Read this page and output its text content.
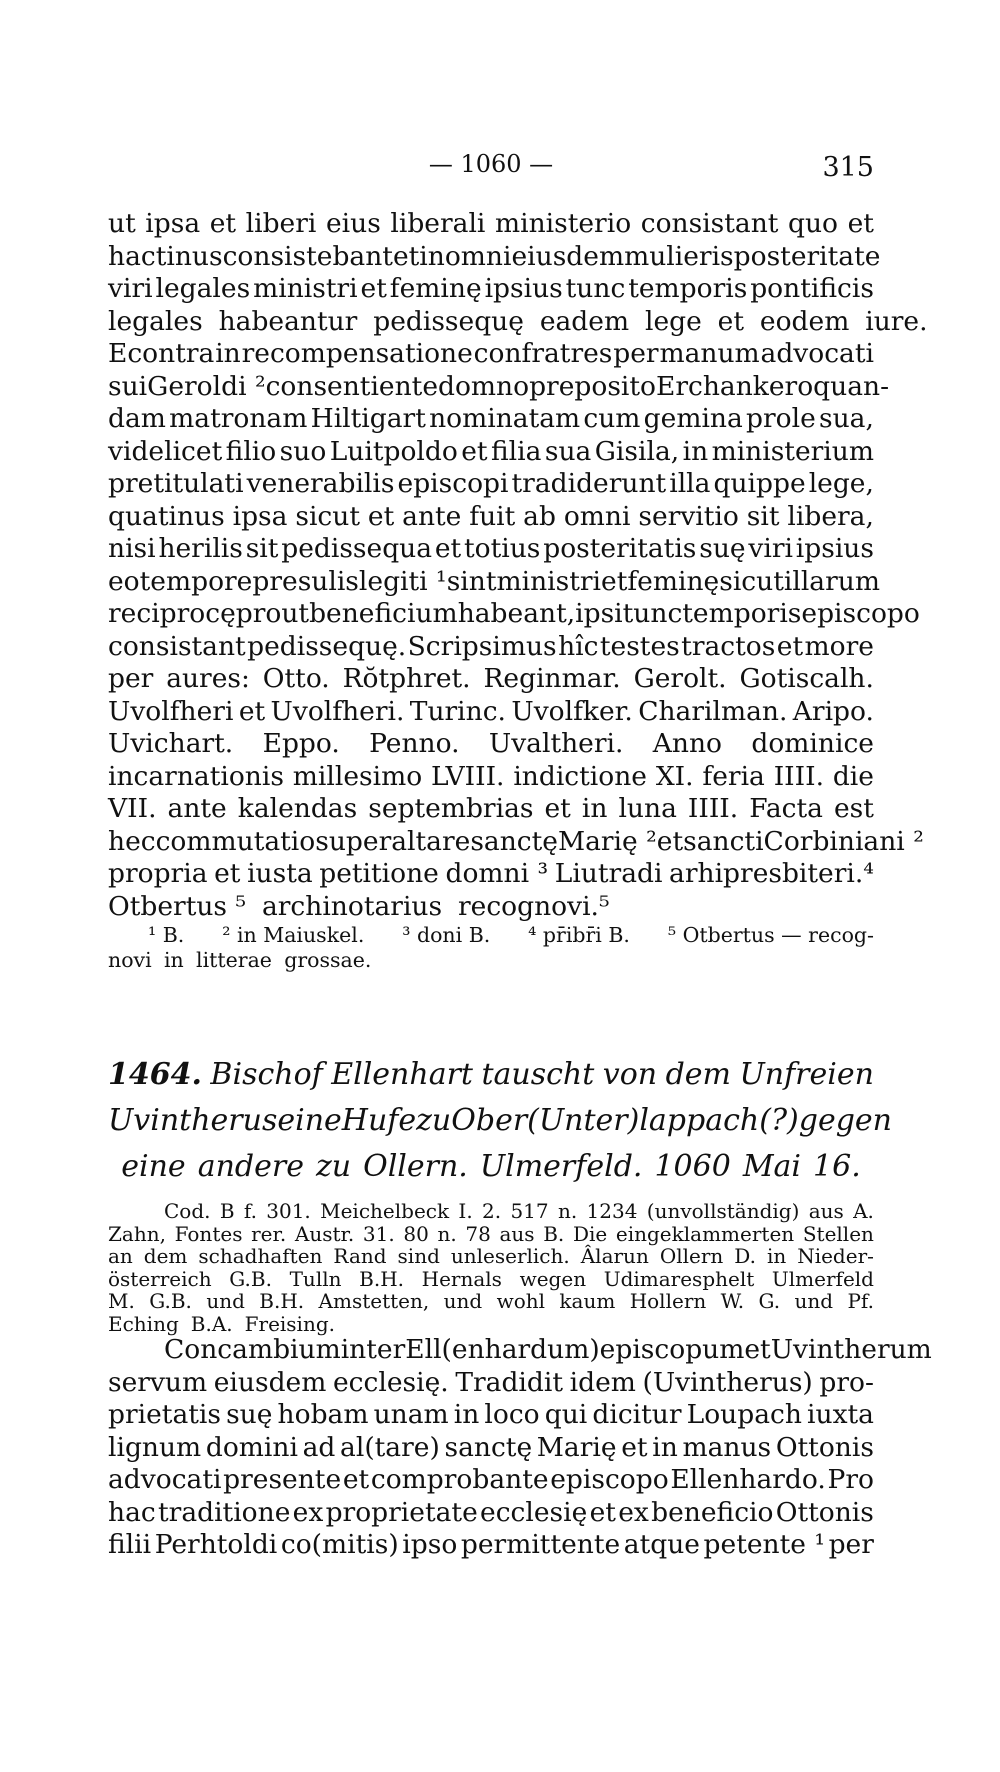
— 1060 —	315
ut ipsa et liberi eius liberali ministerio consistant quo et
hactinus consistebant et in omni eiusdem mulieris posteritate
viri legales ministri et feminę ipsius tunc temporis pontificis
legales habeantur pedissequę eadem lege et eodem iure.
Econtra in recompensatione confratres per manum advocati
sui Geroldi ² consentiente domno preposito Erchankero quan-
dam matronam Hiltigart nominatam cum gemina prole sua,
videlicet filio suo Luitpoldo et filia sua Gisila, in ministerium
pretitulati venerabilis episcopi tradiderunt illa quippe lege,
quatinus ipsa sicut et ante fuit ab omni servitio sit libera,
nisi herilis sit pedissequa et totius posteritatis suę viri ipsius
eo tempore presulis legiti ¹ sint ministri et feminę sicut illarum
reciprocę prout beneficium habeant, ipsi tunc temporis episcopo
consistant pedissequę. Scripsimus hîc testes tractos et more
per aures: Otto. Rŏtphret. Reginmar. Gerolt. Gotiscalh.
Uvolfheri et Uvolfheri. Turinc. Uvolfker. Charilman. Aripo.
Uvichart. Eppo. Penno. Uvaltheri. Anno dominice
incarnationis millesimo LVIII. indictione XI. feria IIII. die
VII. ante kalendas septembrias et in luna IIII. Facta est
hec commutatio super altare sanctę Marię ² et sancti Corbiniani ²
propria et iusta petitione domni ³ Liutradi arhipresbiteri.⁴
Otbertus ⁵ archinotarius recognovi.⁵
¹ B. ² in Maiuskel. ³ doni B. ⁴ pr̄ibr̄i B. ⁵ Otbertus — recog-
novi in litterae grossae.
1464. Bischof Ellenhart tauscht von dem Unfreien
Uvintherus eine Hufe zu Ober(Unter)lappach (?) gegen
eine andere zu Ollern. Ulmerfeld. 1060 Mai 16.
Cod. B f. 301. Meichelbeck I. 2. 517 n. 1234 (unvollständig) aus A.
Zahn, Fontes rer. Austr. 31. 80 n. 78 aus B. Die eingeklammerten Stellen
an dem schadhaften Rand sind unleserlich. Âlarun Ollern D. in Nieder-
österreich G.B. Tulln B.H. Hernals wegen Udimaresphelt Ulmerfeld
M. G.B. und B.H. Amstetten, und wohl kaum Hollern W. G. und Pf.
Eching B.A. Freising.
Concambium inter Ell(enhardum) episcopum et Uvintherum
servum eiusdem ecclesię. Tradidit idem (Uvintherus) pro-
prietatis suę hobam unam in loco qui dicitur Loupach iuxta
lignum domini ad al(tare) sanctę Marię et in manus Ottonis
advocati presente et comprobante episcopo Ellenhardo. Pro
hac traditione ex proprietate ecclesię et ex beneficio Ottonis
filii Perhtoldi co(mitis) ipso permittente atque petente ¹ per
